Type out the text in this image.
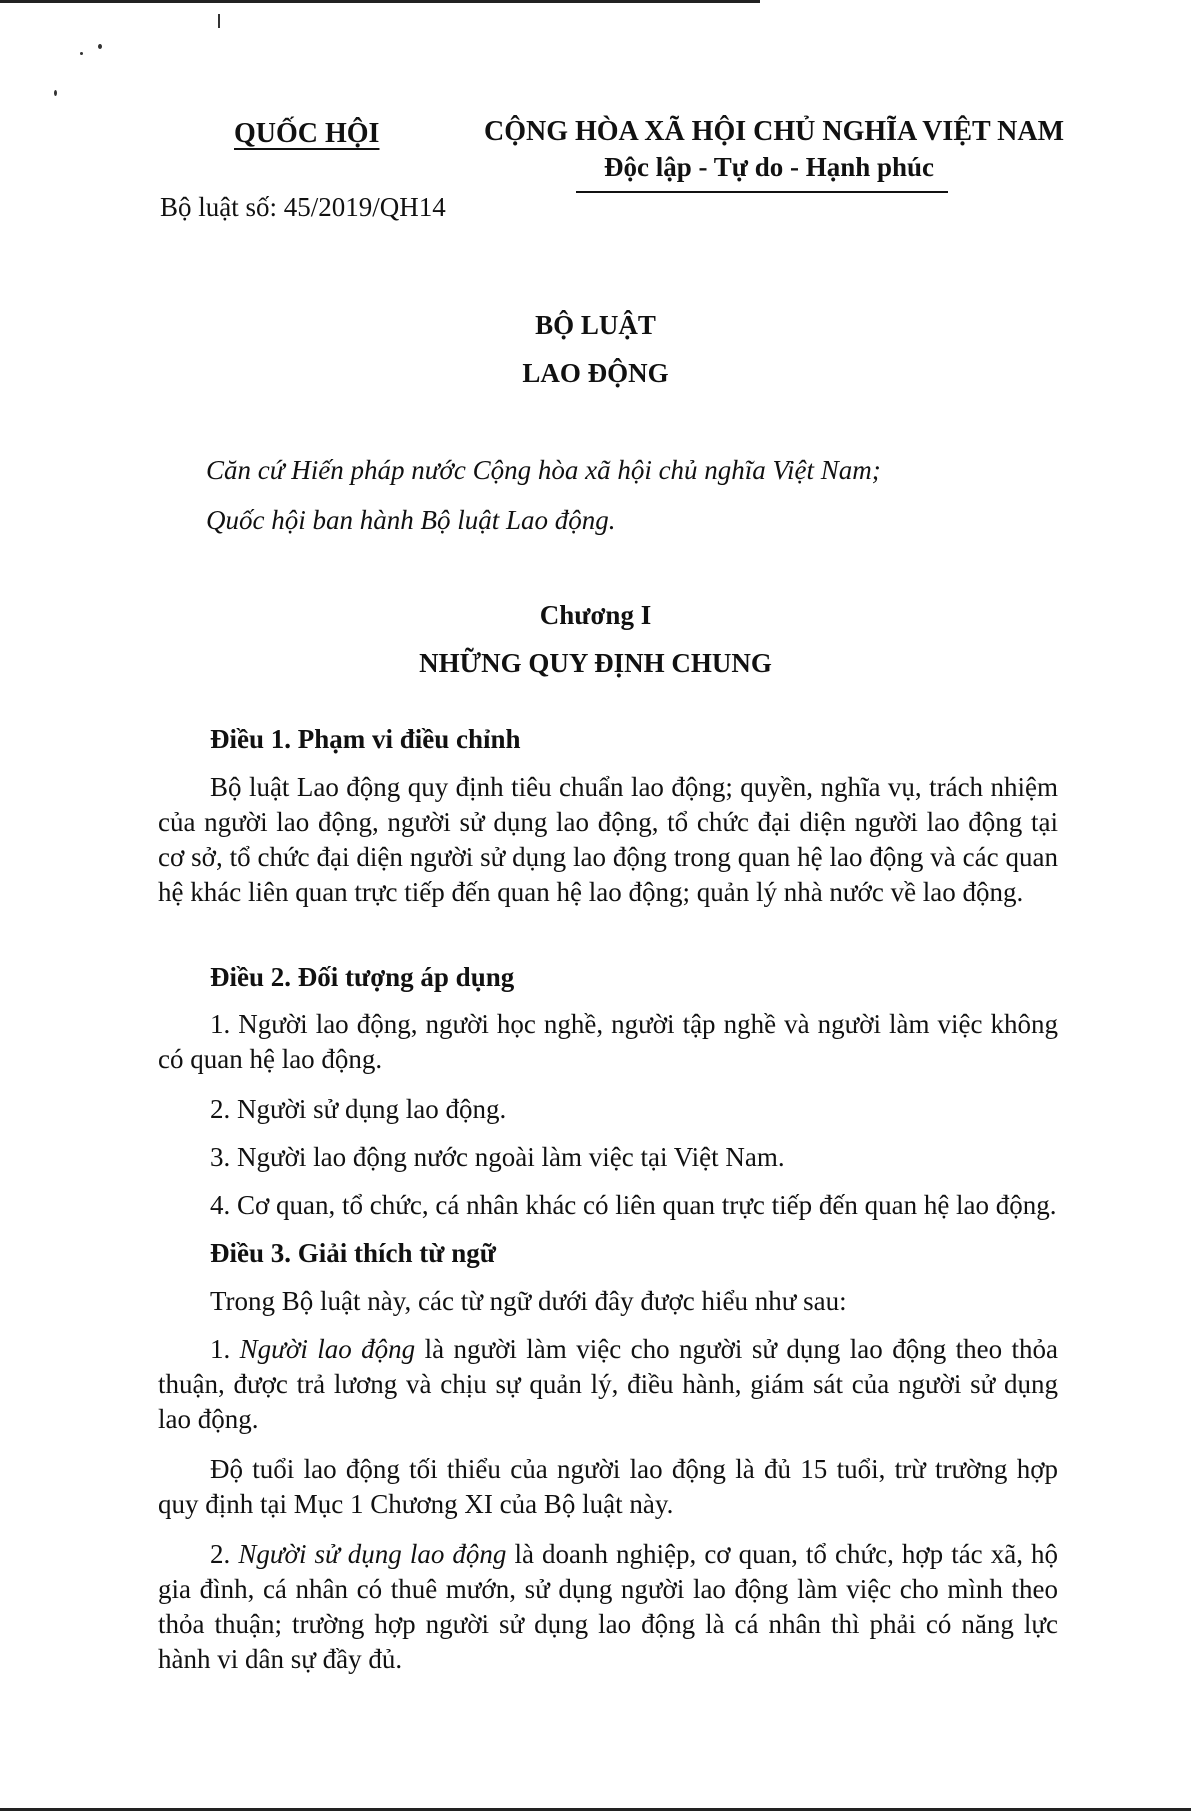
QUỐC HỘI
Bộ luật số: 45/2019/QH14
CỘNG HÒA XÃ HỘI CHỦ NGHĨA VIỆT NAM
Độc lập - Tự do - Hạnh phúc
BỘ LUẬT
LAO ĐỘNG
Căn cứ Hiến pháp nước Cộng hòa xã hội chủ nghĩa Việt Nam;
Quốc hội ban hành Bộ luật Lao động.
Chương I
NHỮNG QUY ĐỊNH CHUNG

Điều 1. Phạm vi điều chỉnh

Bộ luật Lao động quy định tiêu chuẩn lao động; quyền, nghĩa vụ, trách nhiệm của người lao động, người sử dụng lao động, tổ chức đại diện người lao động tại cơ sở, tổ chức đại diện người sử dụng lao động trong quan hệ lao động và các quan hệ khác liên quan trực tiếp đến quan hệ lao động; quản lý nhà nước về lao động.

Điều 2. Đối tượng áp dụng

1. Người lao động, người học nghề, người tập nghề và người làm việc không có quan hệ lao động.

2. Người sử dụng lao động.

3. Người lao động nước ngoài làm việc tại Việt Nam.

4. Cơ quan, tổ chức, cá nhân khác có liên quan trực tiếp đến quan hệ lao động.

Điều 3. Giải thích từ ngữ

Trong Bộ luật này, các từ ngữ dưới đây được hiểu như sau:

1. Người lao động là người làm việc cho người sử dụng lao động theo thỏa thuận, được trả lương và chịu sự quản lý, điều hành, giám sát của người sử dụng lao động.

Độ tuổi lao động tối thiểu của người lao động là đủ 15 tuổi, trừ trường hợp quy định tại Mục 1 Chương XI của Bộ luật này.

2. Người sử dụng lao động là doanh nghiệp, cơ quan, tổ chức, hợp tác xã, hộ gia đình, cá nhân có thuê mướn, sử dụng người lao động làm việc cho mình theo thỏa thuận; trường hợp người sử dụng lao động là cá nhân thì phải có năng lực hành vi dân sự đầy đủ.
